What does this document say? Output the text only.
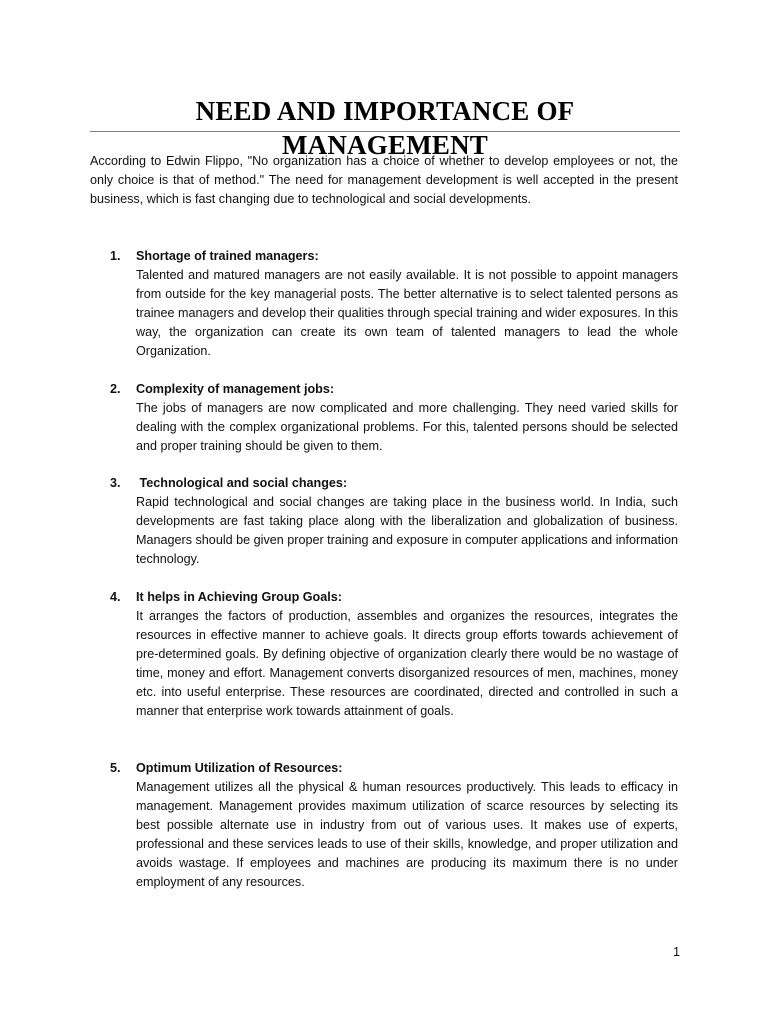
NEED AND IMPORTANCE OF MANAGEMENT

According to Edwin Flippo, "No organization has a choice of whether to develop employees or not, the only choice is that of method." The need for management development is well accepted in the present business, which is fast changing due to technological and social developments.

1.	Shortage of trained managers:
Talented and matured managers are not easily available. It is not possible to appoint managers from outside for the key managerial posts. The better alternative is to select talented persons as trainee managers and develop their qualities through special training and wider exposures. In this way, the organization can create its own team of talented managers to lead the whole Organization.
2.	Complexity of management jobs:
The jobs of managers are now complicated and more challenging. They need varied skills for dealing with the complex organizational problems. For this, talented persons should be selected and proper training should be given to them.
3.	Technological and social changes:
Rapid technological and social changes are taking place in the business world. In India, such developments are fast taking place along with the liberalization and globalization of business. Managers should be given proper training and exposure in computer applications and information technology.
4.	It helps in Achieving Group Goals:
It arranges the factors of production, assembles and organizes the resources, integrates the resources in effective manner to achieve goals. It directs group efforts towards achievement of pre-determined goals. By defining objective of organization clearly there would be no wastage of time, money and effort. Management converts disorganized resources of men, machines, money etc. into useful enterprise. These resources are coordinated, directed and controlled in such a manner that enterprise work towards attainment of goals.
5.	Optimum Utilization of Resources:
Management utilizes all the physical & human resources productively. This leads to efficacy in management. Management provides maximum utilization of scarce resources by selecting its best possible alternate use in industry from out of various uses. It makes use of experts, professional and these services leads to use of their skills, knowledge, and proper utilization and avoids wastage. If employees and machines are producing its maximum there is no under employment of any resources.
1
